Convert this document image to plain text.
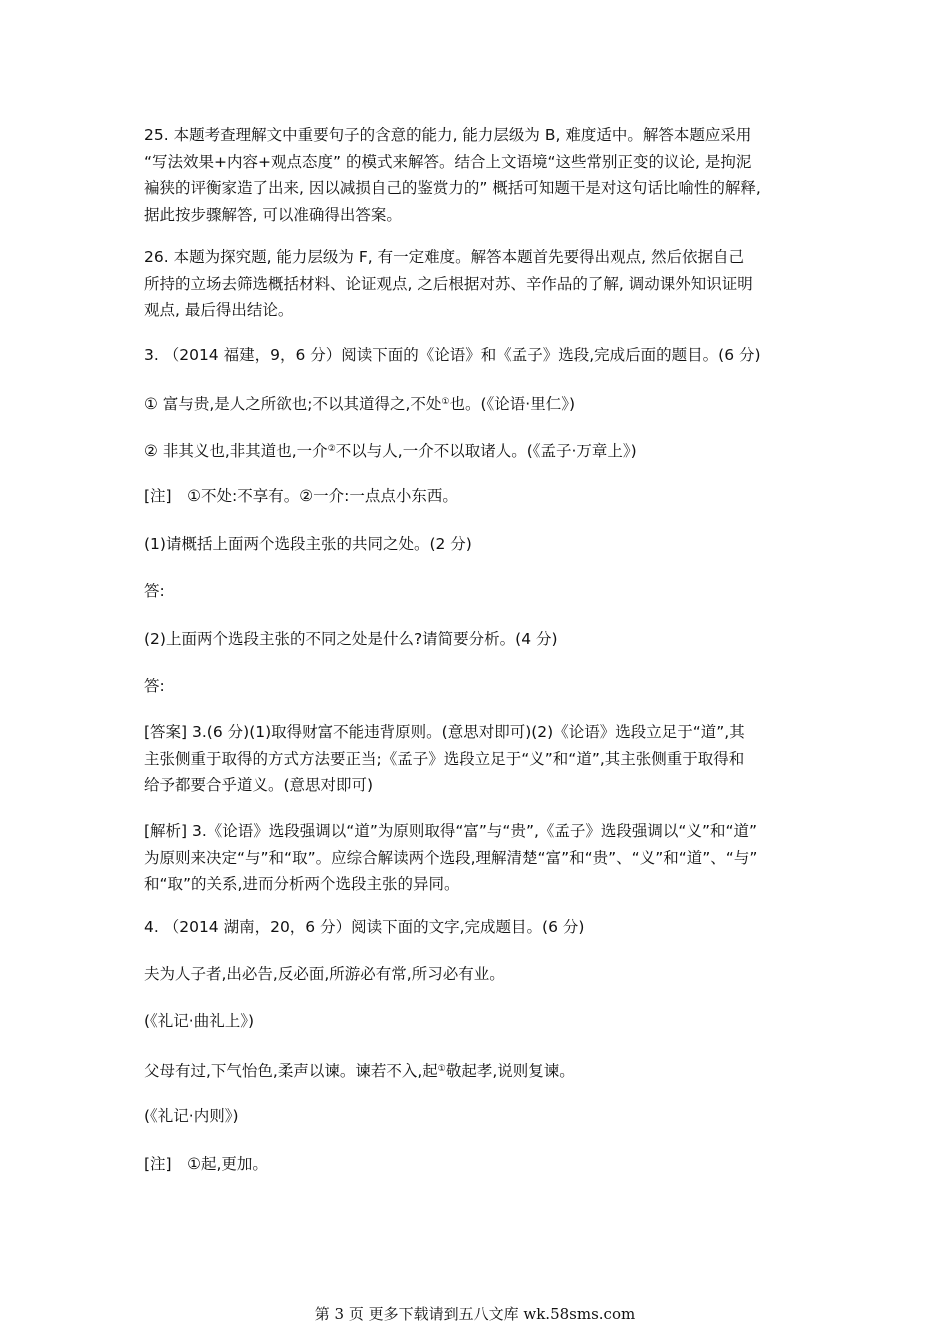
25. 本题考查理解文中重要句子的含意的能力, 能力层级为 B, 难度适中。解答本题应采用
“写法效果+内容+观点态度” 的模式来解答。结合上文语境“这些常别正变的议论, 是拘泥
褊狭的评衡家造了出来, 因以减损自己的鉴赏力的” 概括可知题干是对这句话比喻性的解释,
据此按步骤解答, 可以准确得出答案。
26. 本题为探究题, 能力层级为 F, 有一定难度。解答本题首先要得出观点, 然后依据自己
所持的立场去筛选概括材料、论证观点, 之后根据对苏、辛作品的了解, 调动课外知识证明
观点, 最后得出结论。

3. （2014 福建，9，6 分）阅读下面的《论语》和《孟子》选段,完成后面的题目。(6 分)

① 富与贵,是人之所欲也;不以其道得之,不处①也。(《论语·里仁》)

② 非其义也,非其道也,一介②不以与人,一介不以取诸人。(《孟子·万章上》)

[注]　①不处:不享有。②一介:一点点小东西。

(1)请概括上面两个选段主张的共同之处。(2 分)

答:

(2)上面两个选段主张的不同之处是什么?请简要分析。(4 分)

答:

[答案] 3.(6 分)(1)取得财富不能违背原则。(意思对即可)(2)《论语》选段立足于“道”,其
主张侧重于取得的方式方法要正当;《孟子》选段立足于“义”和“道”,其主张侧重于取得和
给予都要合乎道义。(意思对即可)
[解析] 3.《论语》选段强调以“道”为原则取得“富”与“贵”,《孟子》选段强调以“义”和“道”
为原则来决定“与”和“取”。应综合解读两个选段,理解清楚“富”和“贵”、“义”和“道”、“与”
和“取”的关系,进而分析两个选段主张的异同。

4. （2014 湖南，20，6 分）阅读下面的文字,完成题目。(6 分)

夫为人子者,出必告,反必面,所游必有常,所习必有业。

(《礼记·曲礼上》)

父母有过,下气怡色,柔声以谏。谏若不入,起①敬起孝,说则复谏。

(《礼记·内则》)

[注]　①起,更加。

第 3 页 更多下载请到五八文库 wk.58sms.com
